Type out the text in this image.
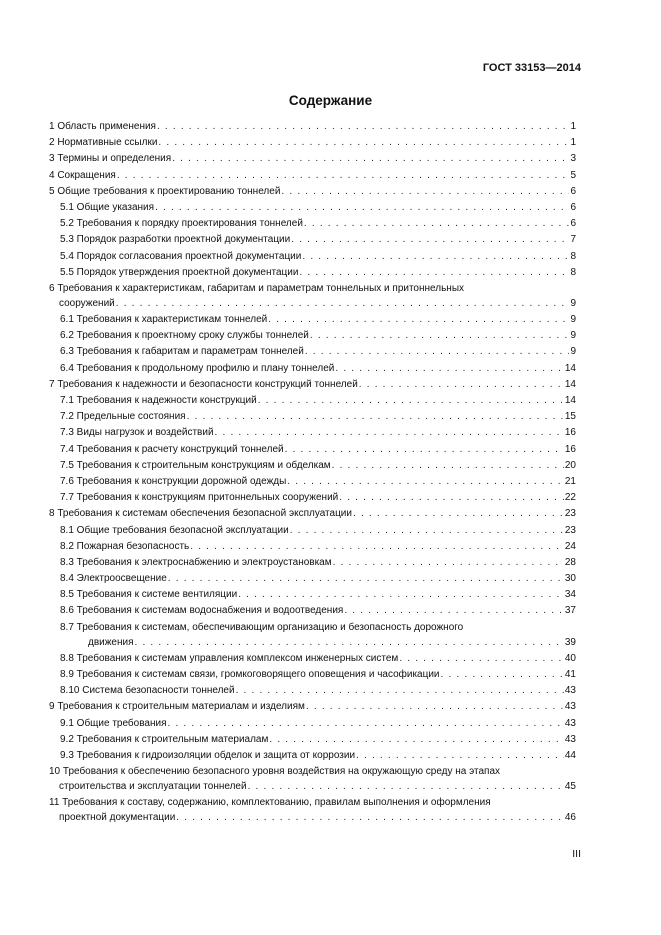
ГОСТ 33153—2014
Содержание
1 Область применения . . .	1
2 Нормативные ссылки . . .	1
3 Термины и определения . . .	3
4 Сокращения . . .	5
5 Общие требования к проектированию тоннелей . . .	6
5.1 Общие указания . . .	6
5.2 Требования к порядку проектирования тоннелей . . .	6
5.3 Порядок разработки проектной документации . . .	7
5.4 Порядок согласования проектной документации . . .	8
5.5 Порядок утверждения проектной документации . . .	8
6 Требования к характеристикам, габаритам и параметрам тоннельных и притоннельных
сооружений . . .	9
6.1 Требования к характеристикам тоннелей . . .	9
6.2 Требования к проектному сроку службы тоннелей . . .	9
6.3 Требования к габаритам и параметрам тоннелей . . .	9
6.4 Требования к продольному профилю и плану тоннелей . . .	14
7 Требования к надежности и безопасности конструкций тоннелей . . .	14
7.1 Требования к надежности конструкций . . .	14
7.2 Предельные состояния . . .	15
7.3 Виды нагрузок и воздействий . . .	16
7.4 Требования к расчету конструкций тоннелей . . .	16
7.5 Требования к строительным конструкциям и обделкам . . .	20
7.6 Требования к конструкции дорожной одежды . . .	21
7.7 Требования к конструкциям притоннельных сооружений . . .	22
8 Требования к системам обеспечения безопасной эксплуатации . . .	23
8.1 Общие требования безопасной эксплуатации . . .	23
8.2 Пожарная безопасность . . .	24
8.3 Требования к электроснабжению и электроустановкам . . .	28
8.4 Электроосвещение . . .	30
8.5 Требования к системе вентиляции . . .	34
8.6 Требования к системам водоснабжения и водоотведения . . .	37
8.7 Требования к системам, обеспечивающим организацию и безопасность дорожного
движения . . .	39
8.8 Требования к системам управления комплексом инженерных систем . . .	40
8.9 Требования к системам связи, громкоговорящего оповещения и часофикации . . .	41
8.10 Система безопасности тоннелей . . .	43
9 Требования к строительным материалам и изделиям . . .	43
9.1 Общие требования . . .	43
9.2 Требования к строительным материалам . . .	43
9.3 Требования к гидроизоляции обделок и защита от коррозии . . .	44
10 Требования к обеспечению безопасного уровня воздействия на окружающую среду на этапах
строительства и эксплуатации тоннелей . . .	45
11 Требования к составу, содержанию, комплектованию, правилам выполнения и оформления
проектной документации . . .	46
III
